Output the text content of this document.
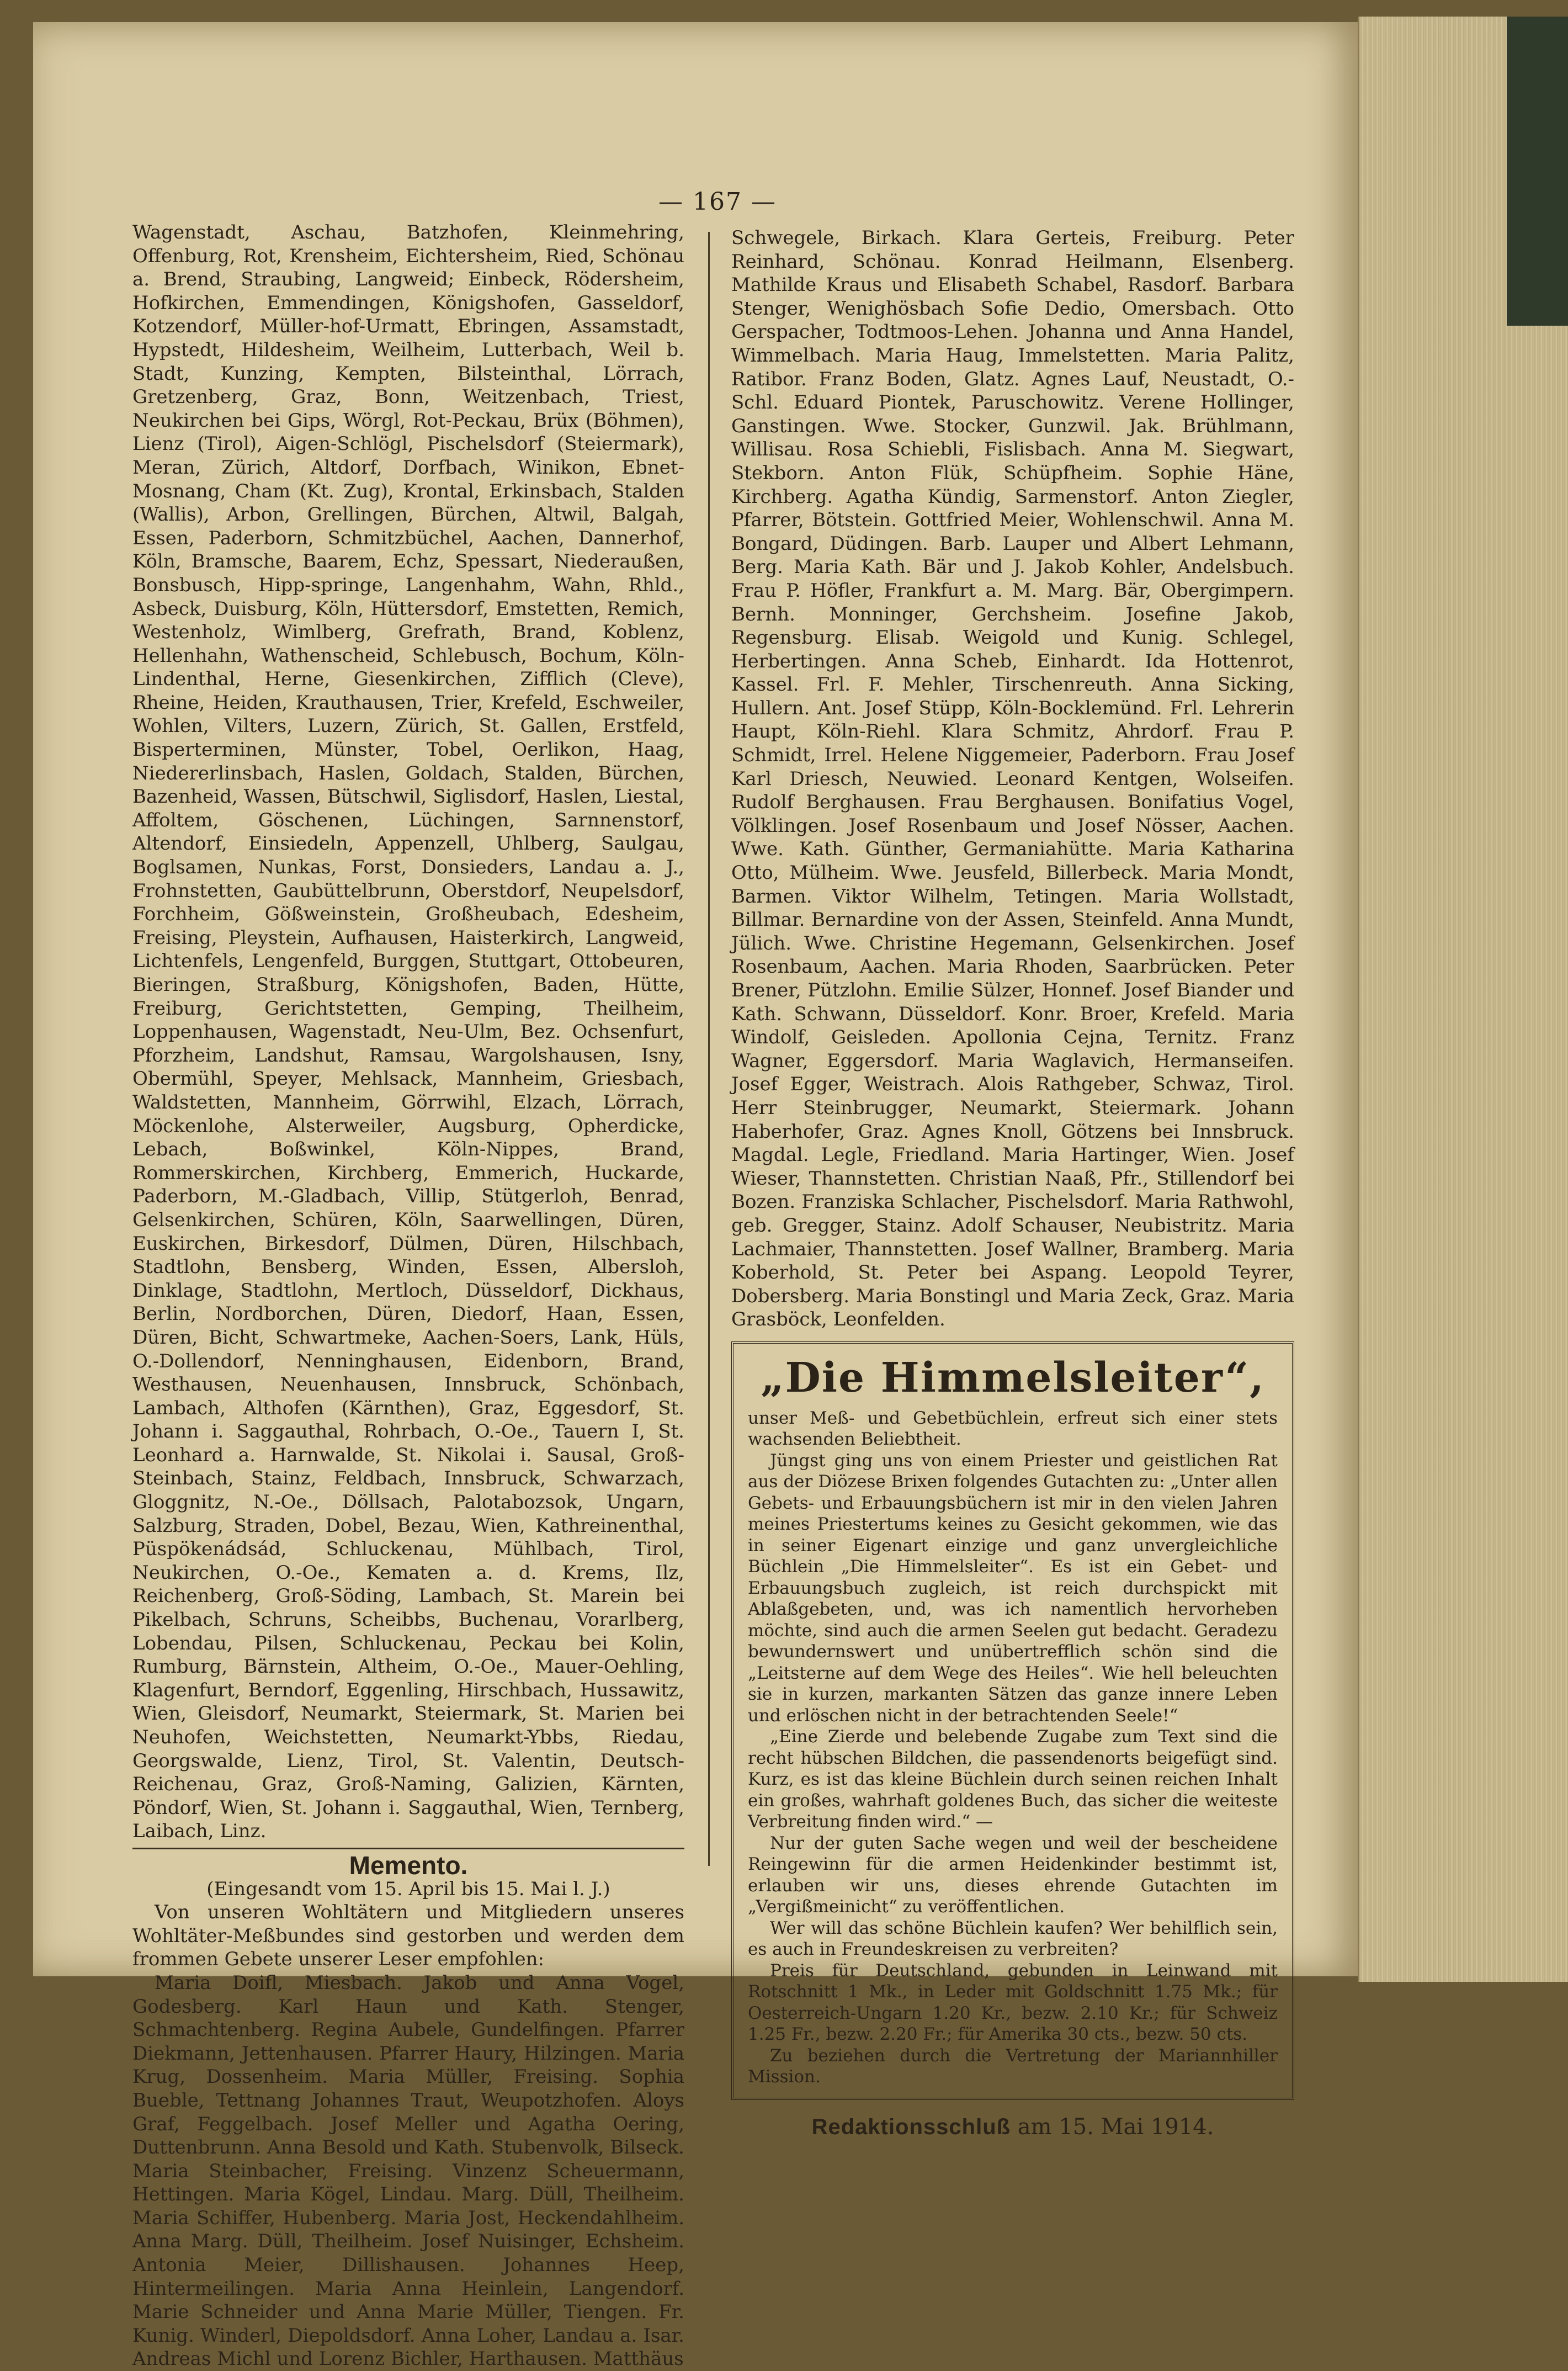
— 167 —

Wagenstadt, Aschau, Batzhofen, Kleinmehring, Offenburg, Rot, Krensheim, Eichtersheim, Ried, Schönau a. Brend, Straubing, Langweid; Einbeck, Rödersheim, Hofkirchen, Emmendingen, Königshofen, Gasseldorf, Kotzendorf, Müller-hof-Urmatt, Ebringen, Assamstadt, Hypstedt, Hildesheim, Weilheim, Lutterbach, Weil b. Stadt, Kunzing, Kempten, Bilsteinthal, Lörrach, Gretzenberg, Graz, Bonn, Weitzenbach, Triest, Neukirchen bei Gips, Wörgl, Rot-Peckau, Brüx (Böhmen), Lienz (Tirol), Aigen-Schlögl, Pischelsdorf (Steiermark), Meran, Zürich, Altdorf, Dorfbach, Winikon, Ebnet-Mosnang, Cham (Kt. Zug), Krontal, Erkinsbach, Stalden (Wallis), Arbon, Grellingen, Bürchen, Altwil, Balgah, Essen, Paderborn, Schmitzbüchel, Aachen, Dannerhof, Köln, Bramsche, Baarem, Echz, Spessart, Niederaußen, Bonsbusch, Hipp-springe, Langenhahm, Wahn, Rhld., Asbeck, Duisburg, Köln, Hüttersdorf, Emstetten, Remich, Westenholz, Wimlberg, Grefrath, Brand, Koblenz, Hellenhahn, Wathenscheid, Schlebusch, Bochum, Köln-Lindenthal, Herne, Giesenkirchen, Zifflich (Cleve), Rheine, Heiden, Krauthausen, Trier, Krefeld, Eschweiler, Wohlen, Vilters, Luzern, Zürich, St. Gallen, Erstfeld, Bisperterminen, Münster, Tobel, Oerlikon, Haag, Niedererlinsbach, Haslen, Goldach, Stalden, Bürchen, Bazenheid, Wassen, Bütschwil, Siglisdorf, Haslen, Liestal, Affoltem, Göschenen, Lüchingen, Sarnnenstorf, Altendorf, Einsiedeln, Appenzell, Uhlberg, Saulgau, Boglsamen, Nunkas, Forst, Donsieders, Landau a. J., Frohnstetten, Gaubüttelbrunn, Oberstdorf, Neupelsdorf, Forchheim, Gößweinstein, Großheubach, Edesheim, Freising, Pleystein, Aufhausen, Haisterkirch, Langweid, Lichtenfels, Lengenfeld, Burggen, Stuttgart, Ottobeuren, Bieringen, Straßburg, Königshofen, Baden, Hütte, Freiburg, Gerichtstetten, Gemping, Theilheim, Loppenhausen, Wagenstadt, Neu-Ulm, Bez. Ochsenfurt, Pforzheim, Landshut, Ramsau, Wargolshausen, Isny, Obermühl, Speyer, Mehlsack, Mannheim, Griesbach, Waldstetten, Mannheim, Görrwihl, Elzach, Lörrach, Möckenlohe, Alsterweiler, Augsburg, Opherdicke, Lebach, Boßwinkel, Köln-Nippes, Brand, Rommerskirchen, Kirchberg, Emmerich, Huckarde, Paderborn, M.-Gladbach, Villip, Stütgerloh, Benrad, Gelsenkirchen, Schüren, Köln, Saarwellingen, Düren, Euskirchen, Birkesdorf, Dülmen, Düren, Hilschbach, Stadtlohn, Bensberg, Winden, Essen, Albersloh, Dinklage, Stadtlohn, Mertloch, Düsseldorf, Dickhaus, Berlin, Nordborchen, Düren, Diedorf, Haan, Essen, Düren, Bicht, Schwartmeke, Aachen-Soers, Lank, Hüls, O.-Dollendorf, Nenninghausen, Eidenborn, Brand, Westhausen, Neuenhausen, Innsbruck, Schönbach, Lambach, Althofen (Kärnthen), Graz, Eggesdorf, St. Johann i. Saggauthal, Rohrbach, O.-Oe., Tauern I, St. Leonhard a. Harnwalde, St. Nikolai i. Sausal, Groß-Steinbach, Stainz, Feldbach, Innsbruck, Schwarzach, Gloggnitz, N.-Oe., Döllsach, Palotabozsok, Ungarn, Salzburg, Straden, Dobel, Bezau, Wien, Kathreinenthal, Püspökenádsád, Schluckenau, Mühlbach, Tirol, Neukirchen, O.-Oe., Kematen a. d. Krems, Ilz, Reichenberg, Groß-Söding, Lambach, St. Marein bei Pikelbach, Schruns, Scheibbs, Buchenau, Vorarlberg, Lobendau, Pilsen, Schluckenau, Peckau bei Kolin, Rumburg, Bärnstein, Altheim, O.-Oe., Mauer-Oehling, Klagenfurt, Berndorf, Eggenling, Hirschbach, Hussawitz, Wien, Gleisdorf, Neumarkt, Steiermark, St. Marien bei Neuhofen, Weichstetten, Neumarkt-Ybbs, Riedau, Georgswalde, Lienz, Tirol, St. Valentin, Deutsch-Reichenau, Graz, Groß-Naming, Galizien, Kärnten, Pöndorf, Wien, St. Johann i. Saggauthal, Wien, Ternberg, Laibach, Linz.

Memento.

(Eingesandt vom 15. April bis 15. Mai l. J.)

Von unseren Wohltätern und Mitgliedern unseres Wohltäter-Meßbundes sind gestorben und werden dem frommen Gebete unserer Leser empfohlen:

Maria Doifl, Miesbach. Jakob und Anna Vogel, Godesberg. Karl Haun und Kath. Stenger, Schmachtenberg. Regina Aubele, Gundelfingen. Pfarrer Diekmann, Jettenhausen. Pfarrer Haury, Hilzingen. Maria Krug, Dossenheim. Maria Müller, Freising. Sophia Bueble, Tettnang Johannes Traut, Weupotzhofen. Aloys Graf, Feggelbach. Josef Meller und Agatha Oering, Duttenbrunn. Anna Besold und Kath. Stubenvolk, Bilseck. Maria Steinbacher, Freising. Vinzenz Scheuermann, Hettingen. Maria Kögel, Lindau. Marg. Düll, Theilheim. Maria Schiffer, Hubenberg. Maria Jost, Heckendahlheim. Anna Marg. Düll, Theilheim. Josef Nuisinger, Echsheim. Antonia Meier, Dillishausen. Johannes Heep, Hintermeilingen. Maria Anna Heinlein, Langendorf. Marie Schneider und Anna Marie Müller, Tiengen. Fr. Kunig. Winderl, Diepoldsdorf. Anna Loher, Landau a. Isar. Andreas Michl und Lorenz Bichler, Harthausen. Matthäus

Schwegele, Birkach. Klara Gerteis, Freiburg. Peter Reinhard, Schönau. Konrad Heilmann, Elsenberg. Mathilde Kraus und Elisabeth Schabel, Rasdorf. Barbara Stenger, Wenighösbach Sofie Dedio, Omersbach. Otto Gerspacher, Todtmoos-Lehen. Johanna und Anna Handel, Wimmelbach. Maria Haug, Immelstetten. Maria Palitz, Ratibor. Franz Boden, Glatz. Agnes Lauf, Neustadt, O.-Schl. Eduard Piontek, Paruschowitz. Verene Hollinger, Ganstingen. Wwe. Stocker, Gunzwil. Jak. Brühlmann, Willisau. Rosa Schiebli, Fislisbach. Anna M. Siegwart, Stekborn. Anton Flük, Schüpfheim. Sophie Häne, Kirchberg. Agatha Kündig, Sarmenstorf. Anton Ziegler, Pfarrer, Bötstein. Gottfried Meier, Wohlenschwil. Anna M. Bongard, Düdingen. Barb. Lauper und Albert Lehmann, Berg. Maria Kath. Bär und J. Jakob Kohler, Andelsbuch. Frau P. Höfler, Frankfurt a. M. Marg. Bär, Obergimpern. Bernh. Monninger, Gerchsheim. Josefine Jakob, Regensburg. Elisab. Weigold und Kunig. Schlegel, Herbertingen. Anna Scheb, Einhardt. Ida Hottenrot, Kassel. Frl. F. Mehler, Tirschenreuth. Anna Sicking, Hullern. Ant. Josef Stüpp, Köln-Bocklemünd. Frl. Lehrerin Haupt, Köln-Riehl. Klara Schmitz, Ahrdorf. Frau P. Schmidt, Irrel. Helene Niggemeier, Paderborn. Frau Josef Karl Driesch, Neuwied. Leonard Kentgen, Wolseifen. Rudolf Berghausen. Frau Berghausen. Bonifatius Vogel, Völklingen. Josef Rosenbaum und Josef Nösser, Aachen. Wwe. Kath. Günther, Germaniahütte. Maria Katharina Otto, Mülheim. Wwe. Jeusfeld, Billerbeck. Maria Mondt, Barmen. Viktor Wilhelm, Tetingen. Maria Wollstadt, Billmar. Bernardine von der Assen, Steinfeld. Anna Mundt, Jülich. Wwe. Christine Hegemann, Gelsenkirchen. Josef Rosenbaum, Aachen. Maria Rhoden, Saarbrücken. Peter Brener, Pützlohn. Emilie Sülzer, Honnef. Josef Biander und Kath. Schwann, Düsseldorf. Konr. Broer, Krefeld. Maria Windolf, Geisleden. Apollonia Cejna, Ternitz. Franz Wagner, Eggersdorf. Maria Waglavich, Hermanseifen. Josef Egger, Weistrach. Alois Rathgeber, Schwaz, Tirol. Herr Steinbrugger, Neumarkt, Steiermark. Johann Haberhofer, Graz. Agnes Knoll, Götzens bei Innsbruck. Magdal. Legle, Friedland. Maria Hartinger, Wien. Josef Wieser, Thannstetten. Christian Naaß, Pfr., Stillendorf bei Bozen. Franziska Schlacher, Pischelsdorf. Maria Rathwohl, geb. Gregger, Stainz. Adolf Schauser, Neubistritz. Maria Lachmaier, Thannstetten. Josef Wallner, Bramberg. Maria Koberhold, St. Peter bei Aspang. Leopold Teyrer, Dobersberg. Maria Bonstingl und Maria Zeck, Graz. Maria Grasböck, Leonfelden.

„Die Himmelsleiter“,

unser Meß- und Gebetbüchlein, erfreut sich einer stets wachsenden Beliebtheit.

Jüngst ging uns von einem Priester und geistlichen Rat aus der Diözese Brixen folgendes Gutachten zu: „Unter allen Gebets- und Erbauungsbüchern ist mir in den vielen Jahren meines Priestertums keines zu Gesicht gekommen, wie das in seiner Eigenart einzige und ganz unvergleichliche Büchlein „Die Himmelsleiter“. Es ist ein Gebet- und Erbauungsbuch zugleich, ist reich durchspickt mit Ablaßgebeten, und, was ich namentlich hervorheben möchte, sind auch die armen Seelen gut bedacht. Geradezu bewundernswert und unübertrefflich schön sind die „Leitsterne auf dem Wege des Heiles“. Wie hell beleuchten sie in kurzen, markanten Sätzen das ganze innere Leben und erlöschen nicht in der betrachtenden Seele!“

„Eine Zierde und belebende Zugabe zum Text sind die recht hübschen Bildchen, die passendenorts beigefügt sind. Kurz, es ist das kleine Büchlein durch seinen reichen Inhalt ein großes, wahrhaft goldenes Buch, das sicher die weiteste Verbreitung finden wird.“ —

Nur der guten Sache wegen und weil der bescheidene Reingewinn für die armen Heidenkinder bestimmt ist, erlauben wir uns, dieses ehrende Gutachten im „Vergißmeinicht“ zu veröffentlichen.

Wer will das schöne Büchlein kaufen? Wer behilflich sein, es auch in Freundeskreisen zu verbreiten?

Preis für Deutschland, gebunden in Leinwand mit Rotschnitt 1 Mk., in Leder mit Goldschnitt 1.75 Mk.; für Oesterreich-Ungarn 1.20 Kr., bezw. 2.10 Kr.; für Schweiz 1.25 Fr., bezw. 2.20 Fr.; für Amerika 30 cts., bezw. 50 cts.

Zu beziehen durch die Vertretung der Mariannhiller Mission.

Redaktionsschluß am 15. Mai 1914.
